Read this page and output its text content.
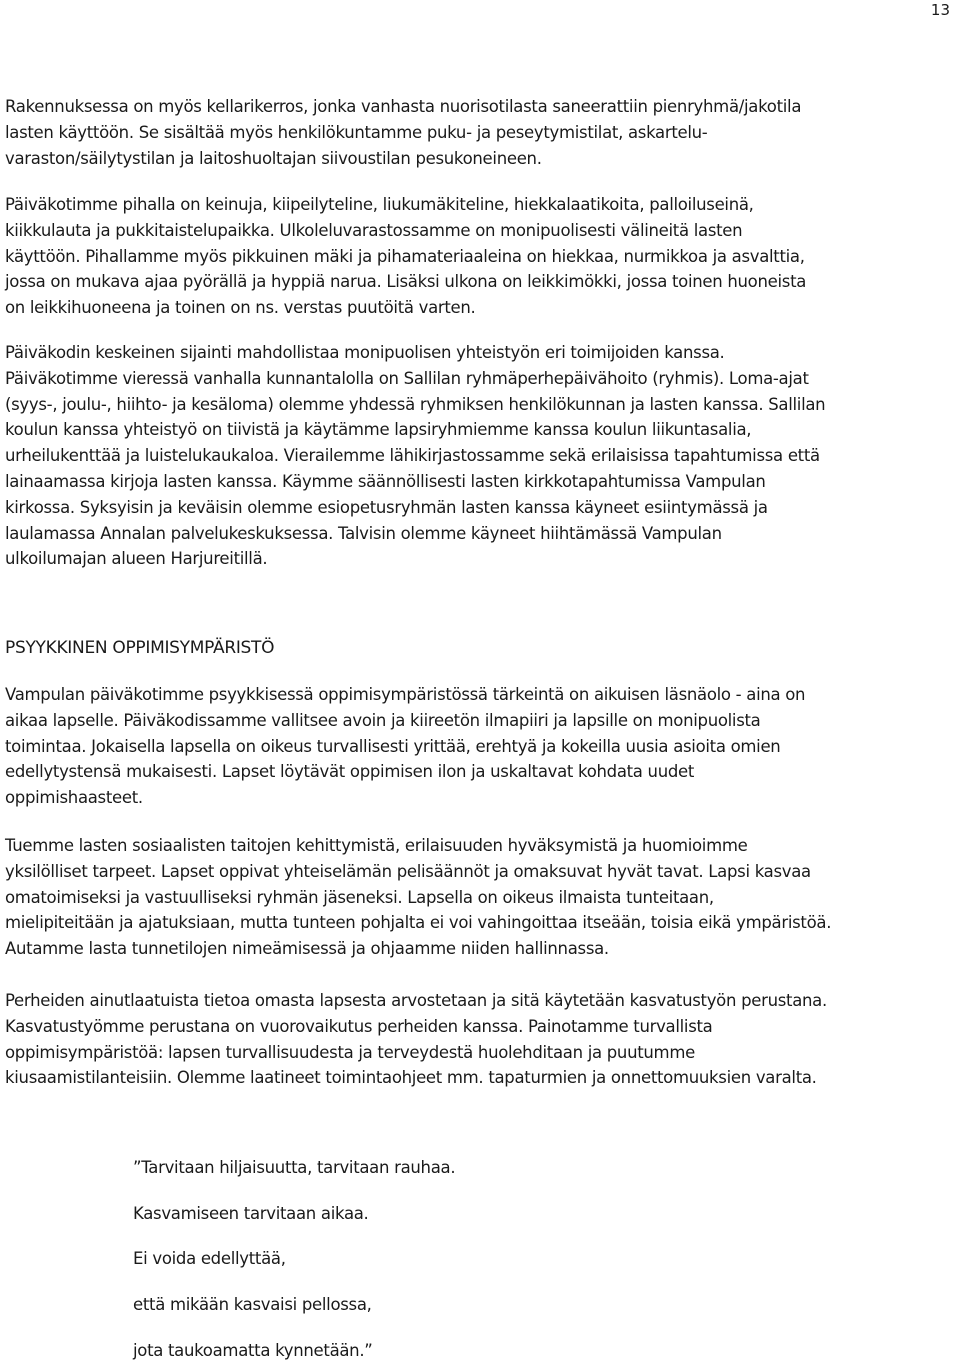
13

Rakennuksessa on myös kellarikerros, jonka vanhasta nuorisotilasta saneerattiin pienryhmä/jakotila
lasten käyttöön. Se sisältää myös henkilökuntamme puku- ja peseytymistilat, askartelu-
varaston/säilytystilan ja laitoshuoltajan siivoustilan pesukoneineen.

Päiväkotimme pihalla on keinuja, kiipeilyteline, liukumäkiteline, hiekkalaatikoita, palloiluseinä,
kiikkulauta ja pukkitaistelupaikka. Ulkoleluvarastossamme on monipuolisesti välineitä lasten
käyttöön. Pihallamme myös pikkuinen mäki ja pihamateriaaleina on hiekkaa, nurmikkoa ja asvalttia,
jossa on mukava ajaa pyörällä ja hyppiä narua. Lisäksi ulkona on leikkimökki, jossa toinen huoneista
on leikkihuoneena ja toinen on ns. verstas puutöitä varten.

Päiväkodin keskeinen sijainti mahdollistaa monipuolisen yhteistyön eri toimijoiden kanssa.
Päiväkotimme vieressä vanhalla kunnantalolla on Sallilan ryhmäperhepäivähoito (ryhmis). Loma-ajat
(syys-, joulu-, hiihto- ja kesäloma) olemme yhdessä ryhmiksen henkilökunnan ja lasten kanssa. Sallilan
koulun kanssa yhteistyö on tiivistä ja käytämme lapsiryhmiemme kanssa koulun liikuntasalia,
urheilukenttää ja luistelukaukaloa. Vierailemme lähikirjastossamme sekä erilaisissa tapahtumissa että
lainaamassa kirjoja lasten kanssa. Käymme säännöllisesti lasten kirkkotapahtumissa Vampulan
kirkossa. Syksyisin ja keväisin olemme esiopetusryhmän lasten kanssa käyneet esiintymässä ja
laulamassa Annalan palvelukeskuksessa. Talvisin olemme käyneet hiihtämässä Vampulan
ulkoilumajan alueen Harjureitillä.

PSYYKKINEN OPPIMISYMPÄRISTÖ

Vampulan päiväkotimme psyykkisessä oppimisympäristössä tärkeintä on aikuisen läsnäolo - aina on
aikaa lapselle. Päiväkodissamme vallitsee avoin ja kiireetön ilmapiiri ja lapsille on monipuolista
toimintaa. Jokaisella lapsella on oikeus turvallisesti yrittää, erehtyä ja kokeilla uusia asioita omien
edellytystensä mukaisesti. Lapset löytävät oppimisen ilon ja uskaltavat kohdata uudet
oppimishaasteet.

Tuemme lasten sosiaalisten taitojen kehittymistä, erilaisuuden hyväksymistä ja huomioimme
yksilölliset tarpeet. Lapset oppivat yhteiselämän pelisäännöt ja omaksuvat hyvät tavat. Lapsi kasvaa
omatoimiseksi ja vastuulliseksi ryhmän jäseneksi. Lapsella on oikeus ilmaista tunteitaan,
mielipiteitään ja ajatuksiaan, mutta tunteen pohjalta ei voi vahingoittaa itseään, toisia eikä ympäristöä.
Autamme lasta tunnetilojen nimeämisessä ja ohjaamme niiden hallinnassa.

Perheiden ainutlaatuista tietoa omasta lapsesta arvostetaan ja sitä käytetään kasvatustyön perustana.
Kasvatustyömme perustana on vuorovaikutus perheiden kanssa. Painotamme turvallista
oppimisympäristöä: lapsen turvallisuudesta ja terveydestä huolehditaan ja puutumme
kiusaamistilanteisiin. Olemme laatineet toimintaohjeet mm. tapaturmien ja onnettomuuksien varalta.

”Tarvitaan hiljaisuutta, tarvitaan rauhaa.
Kasvamiseen tarvitaan aikaa.
Ei voida edellyttää,
että mikään kasvaisi pellossa,
jota taukoamatta kynnetään.”
